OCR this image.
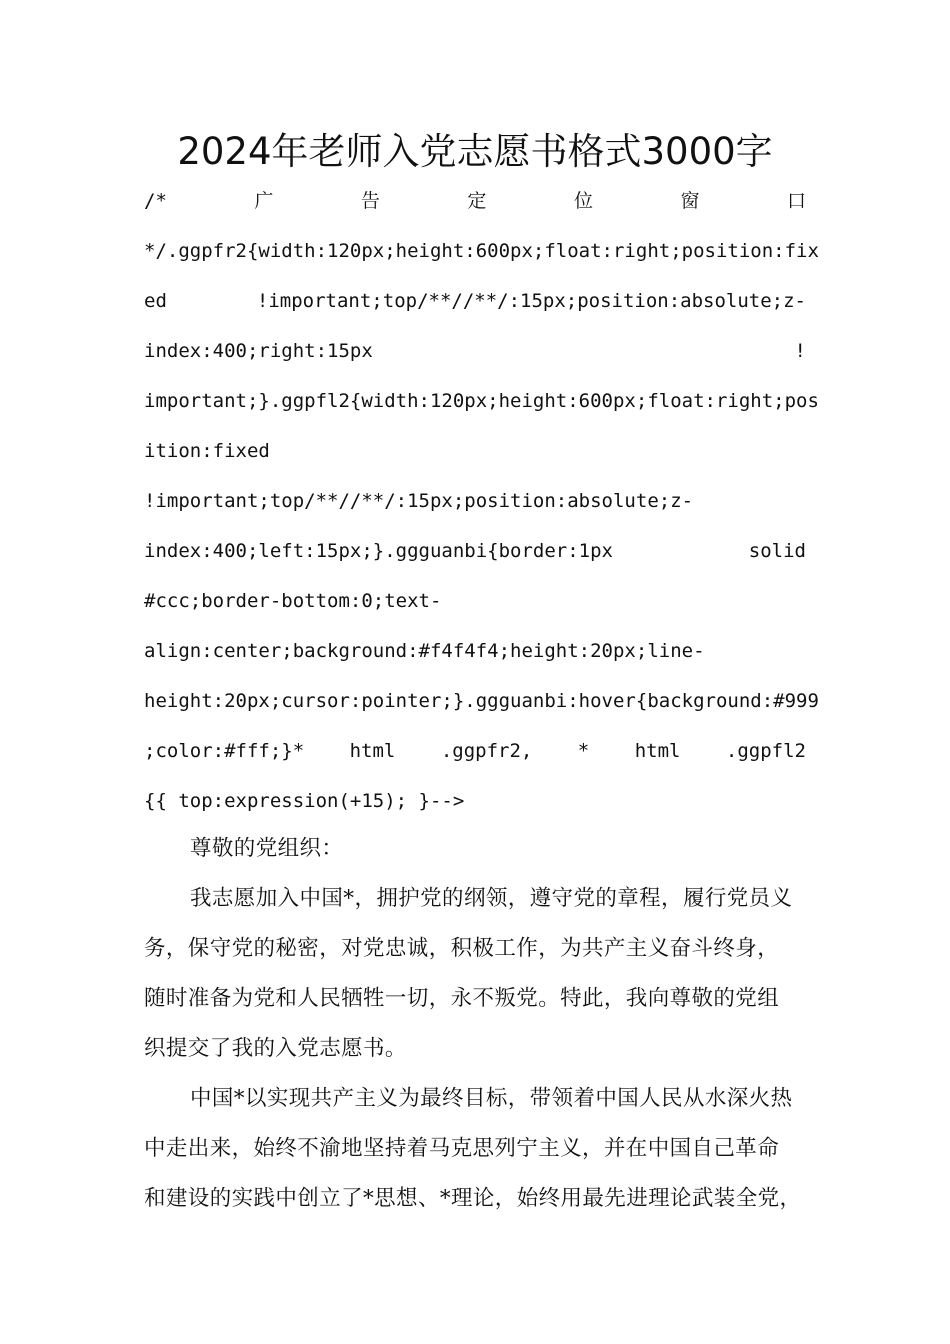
2024年老师入党志愿书格式3000字
/*	广	告	定	位	窗	口
*/.ggpfr2{width:120px;height:600px;float:right;position:fix
ed	!important;top/**//**/:15px;position:absolute;z-
index:400;right:15px	!
important;}.ggpfl2{width:120px;height:600px;float:right;pos
ition:fixed
!important;top/**//**/:15px;position:absolute;z-
index:400;left:15px;}.ggguanbi{border:1px	solid
#ccc;border-bottom:0;text-
align:center;background:#f4f4f4;height:20px;line-
height:20px;cursor:pointer;}.ggguanbi:hover{background:#999
;color:#fff;}* html .ggpfr2, * html .ggpfl2
{{ top:expression(+15); }-->
尊敬的党组织：
我志愿加入中国*，拥护党的纲领，遵守党的章程，履行党员义
务，保守党的秘密，对党忠诚，积极工作，为共产主义奋斗终身，
随时准备为党和人民牺牲一切，永不叛党。特此，我向尊敬的党组
织提交了我的入党志愿书。
中国*以实现共产主义为最终目标，带领着中国人民从水深火热
中走出来，始终不渝地坚持着马克思列宁主义，并在中国自己革命
和建设的实践中创立了*思想、*理论，始终用最先进理论武装全党，
